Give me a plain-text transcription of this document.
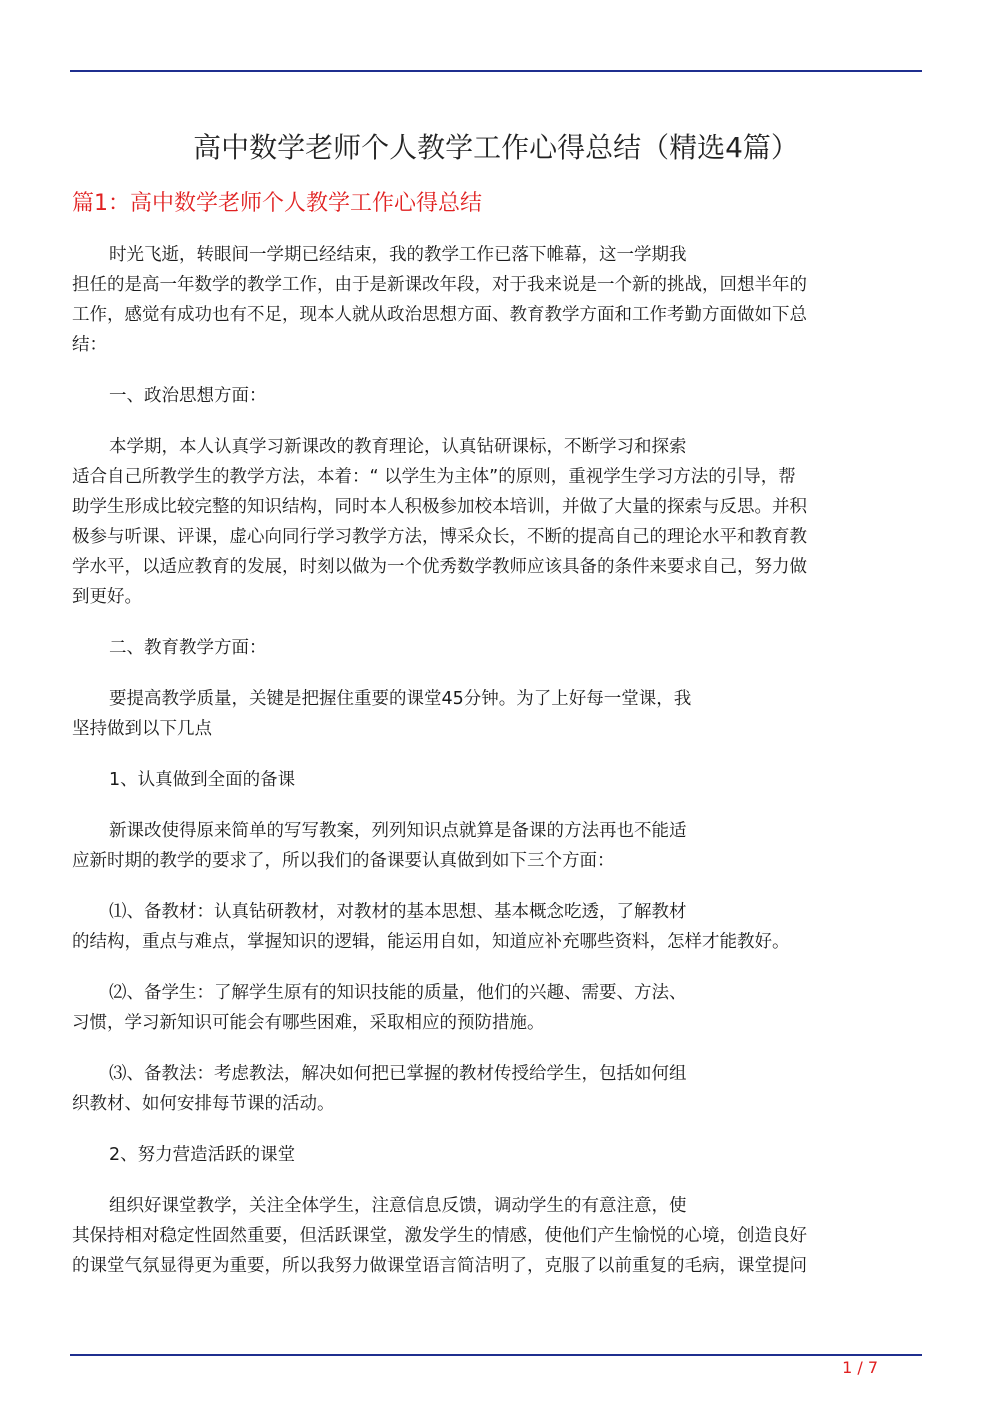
高中数学老师个人教学工作心得总结（精选4篇）
篇1：高中数学老师个人教学工作心得总结

时光飞逝，转眼间一学期已经结束，我的教学工作已落下帷幕，这一学期我
担任的是高一年数学的教学工作，由于是新课改年段，对于我来说是一个新的挑战，回想半年的
工作，感觉有成功也有不足，现本人就从政治思想方面、教育教学方面和工作考勤方面做如下总
结：

一、政治思想方面：

本学期，本人认真学习新课改的教育理论，认真钻研课标，不断学习和探索
适合自己所教学生的教学方法，本着：“ 以学生为主体”的原则，重视学生学习方法的引导，帮
助学生形成比较完整的知识结构，同时本人积极参加校本培训，并做了大量的探索与反思。并积
极参与听课、评课，虚心向同行学习教学方法，博采众长，不断的提高自己的理论水平和教育教
学水平，以适应教育的发展，时刻以做为一个优秀数学教师应该具备的条件来要求自己，努力做
到更好。

二、教育教学方面：

要提高教学质量，关键是把握住重要的课堂45分钟。为了上好每一堂课，我
坚持做到以下几点

1、认真做到全面的备课

新课改使得原来简单的写写教案，列列知识点就算是备课的方法再也不能适
应新时期的教学的要求了，所以我们的备课要认真做到如下三个方面：

⑴、备教材：认真钻研教材，对教材的基本思想、基本概念吃透，了解教材
的结构，重点与难点，掌握知识的逻辑，能运用自如，知道应补充哪些资料，怎样才能教好。

⑵、备学生：了解学生原有的知识技能的质量，他们的兴趣、需要、方法、
习惯，学习新知识可能会有哪些困难，采取相应的预防措施。

⑶、备教法：考虑教法，解决如何把已掌握的教材传授给学生，包括如何组
织教材、如何安排每节课的活动。

2、努力营造活跃的课堂

组织好课堂教学，关注全体学生，注意信息反馈，调动学生的有意注意，使
其保持相对稳定性固然重要，但活跃课堂，激发学生的情感，使他们产生愉悦的心境，创造良好
的课堂气氛显得更为重要，所以我努力做课堂语言简洁明了，克服了以前重复的毛病，课堂提问

1 / 7
